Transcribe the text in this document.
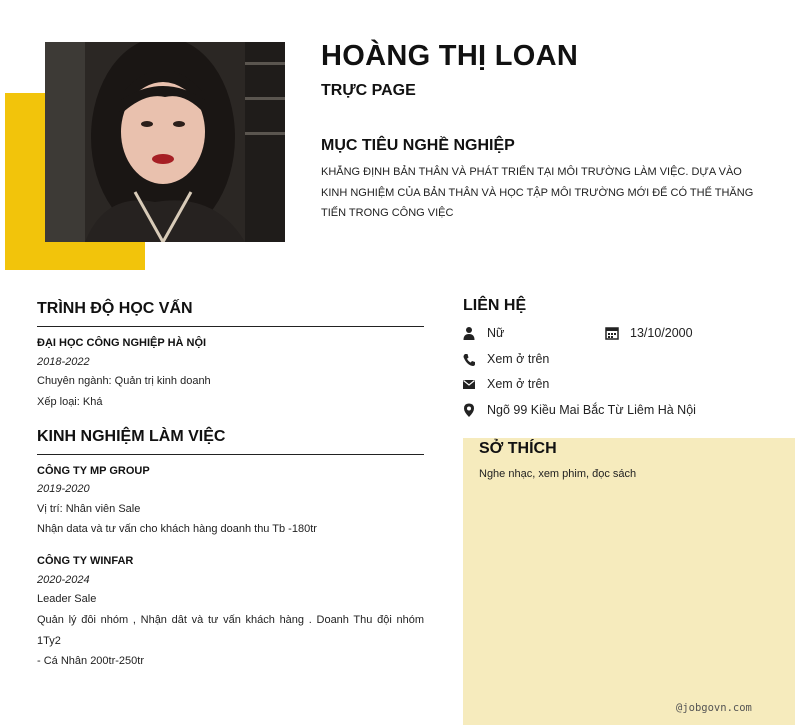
HOÀNG THỊ LOAN

TRỰC PAGE

MỤC TIÊU NGHỀ NGHIỆP

KHẲNG ĐỊNH BẢN THÂN VÀ PHÁT TRIỂN TẠI MÔI TRƯỜNG LÀM VIỆC. DỰA VÀO KINH NGHIỆM CỦA BẢN THÂN VÀ HỌC TẬP MÔI TRƯỜNG MỚI ĐỂ CÓ THỂ THĂNG TIẾN TRONG CÔNG VIỆC

TRÌNH ĐỘ HỌC VẤN

ĐẠI HỌC CÔNG NGHIỆP HÀ NỘI

2018-2022

Chuyên ngành: Quản trị kinh doanh

Xếp loại: Khá

KINH NGHIỆM LÀM VIỆC

CÔNG TY MP GROUP

2019-2020

Vị trí: Nhân viên Sale

Nhận data và tư vấn cho khách hàng doanh thu Tb -180tr

CÔNG TY WINFAR

2020-2024

Leader Sale

Quản lý đôi nhóm , Nhận dât và tư vấn khách hàng . Doanh Thu đội nhóm 1Ty2

- Cá Nhân 200tr-250tr

LIÊN HỆ

Nữ	13/10/2000

Xem ở trên

Xem ở trên

Ngõ 99 Kiều Mai Bắc Từ Liêm Hà Nội

SỞ THÍCH

Nghe nhạc, xem phim, đọc sách

@jobgovn.com
